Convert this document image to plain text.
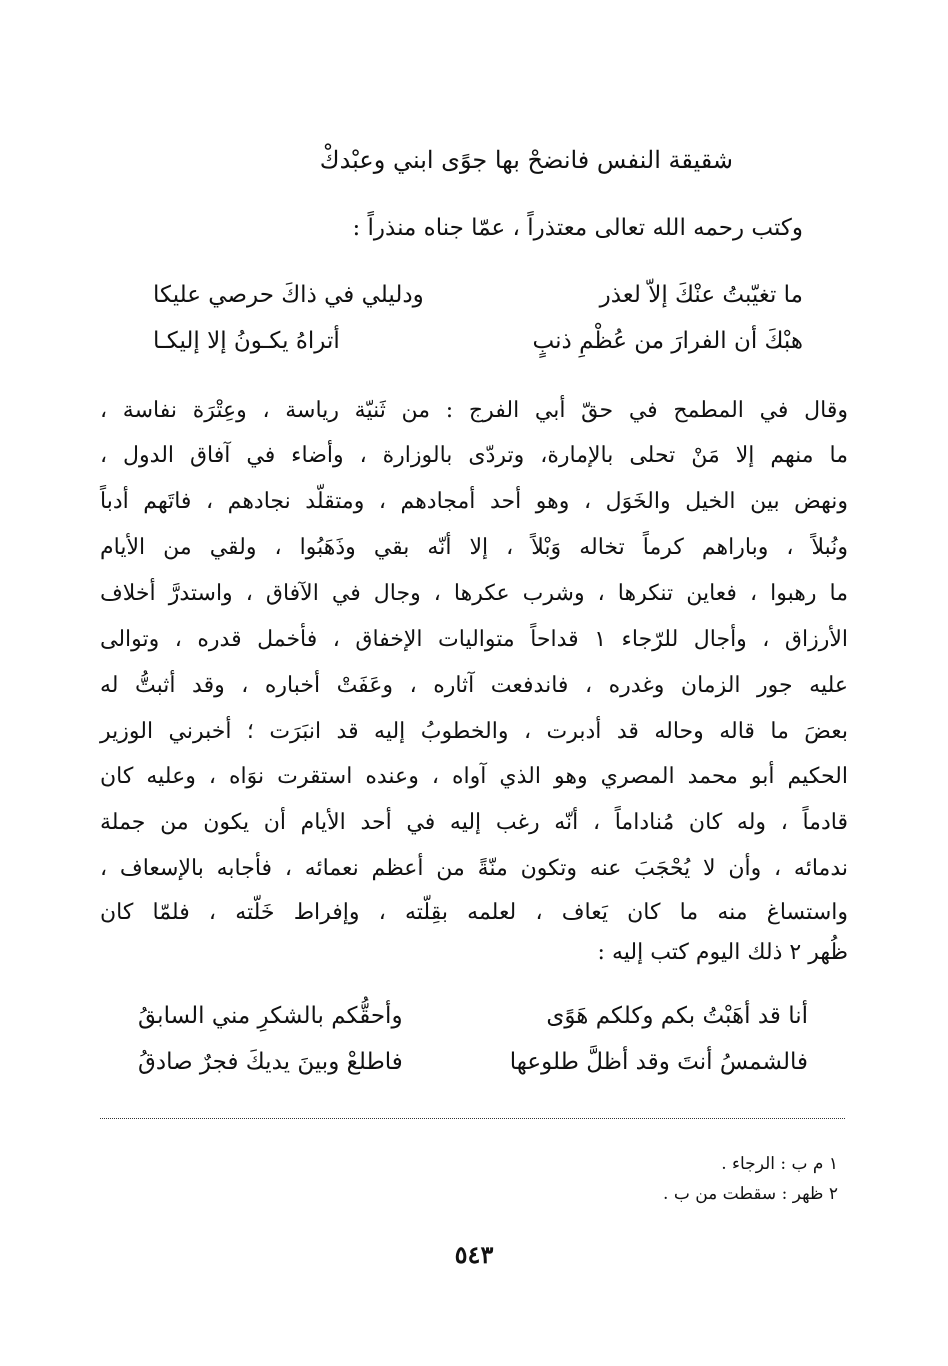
شقيقة النفس فانضحْ بها جوًى ابني وعبْدكْ
وكتب رحمه الله تعالى معتذراً ، عمّا جناه منذراً :
ما تغيّبتُ عنْكَ إلاّ لعذر
ودليلي في ذاكَ حرصي عليكا
هبْكَ أن الفرارَ من عُظْمِ ذنبٍ
أتراهُ يكـونُ إلا إليكـا
وقال في المطمح في حقّ أبي الفرج : من ثَنيّة رياسة ، وعِتْرَة نفاسة ،
ما منهم إلا مَنْ تحلى بالإمارة، وتردّى بالوزارة ، وأضاء في آفاق الدول ،
ونهض بين الخيل والخَوَل ، وهو أحد أمجادهم ، ومتقلّد نجادهم ، فاتَهم أدباً
ونُبلاً ، وباراهم كرماً تخاله وَبْلاً ، إلا أنّه بقي وذَهَبُوا ، ولقي من الأيام
ما رهبوا ، فعاين تنكرها ، وشرب عكرها ، وجال في الآفاق ، واستدرَّ أخلاف
الأرزاق ، وأجال للرّجاء ١ قداحاً متواليات الإخفاق ، فأخمل قدره ، وتوالى
عليه جور الزمان وغدره ، فاندفعت آثاره ، وعَفَتْ أخباره ، وقد أثبتُّ له
بعضَ ما قاله وحاله قد أدبرت ، والخطوبُ إليه قد انبَرَت ؛ أخبرني الوزير
الحكيم أبو محمد المصري وهو الذي آواه ، وعنده استقرت نوَاه ، وعليه كان
قادماً ، وله كان مُناداماً ، أنّه رغب إليه في أحد الأيام أن يكون من جملة
ندمائه ، وأن لا يُحْجَبَ عنه وتكون منّةً من أعظم نعمائه ، فأجابه بالإسعاف ،
واستساغ منه ما كان يَعاف ، لعلمه بقِلّته ، وإفراط خَلّته ، فلمّا كان
ظُهر ٢ ذلك اليوم كتب إليه :
أنا قد أهَبْتُ بكم وكلكم هَوًى
وأحقُّكم بالشكرِ مني السابقُ
فالشمسُ أنتَ وقد أظلَّ طلوعها
فاطلعْ وبينَ يديكَ فجرٌ صادقُ
١ م ب : الرجاء .
٢ ظهر : سقطت من ب .
٥٤٣
